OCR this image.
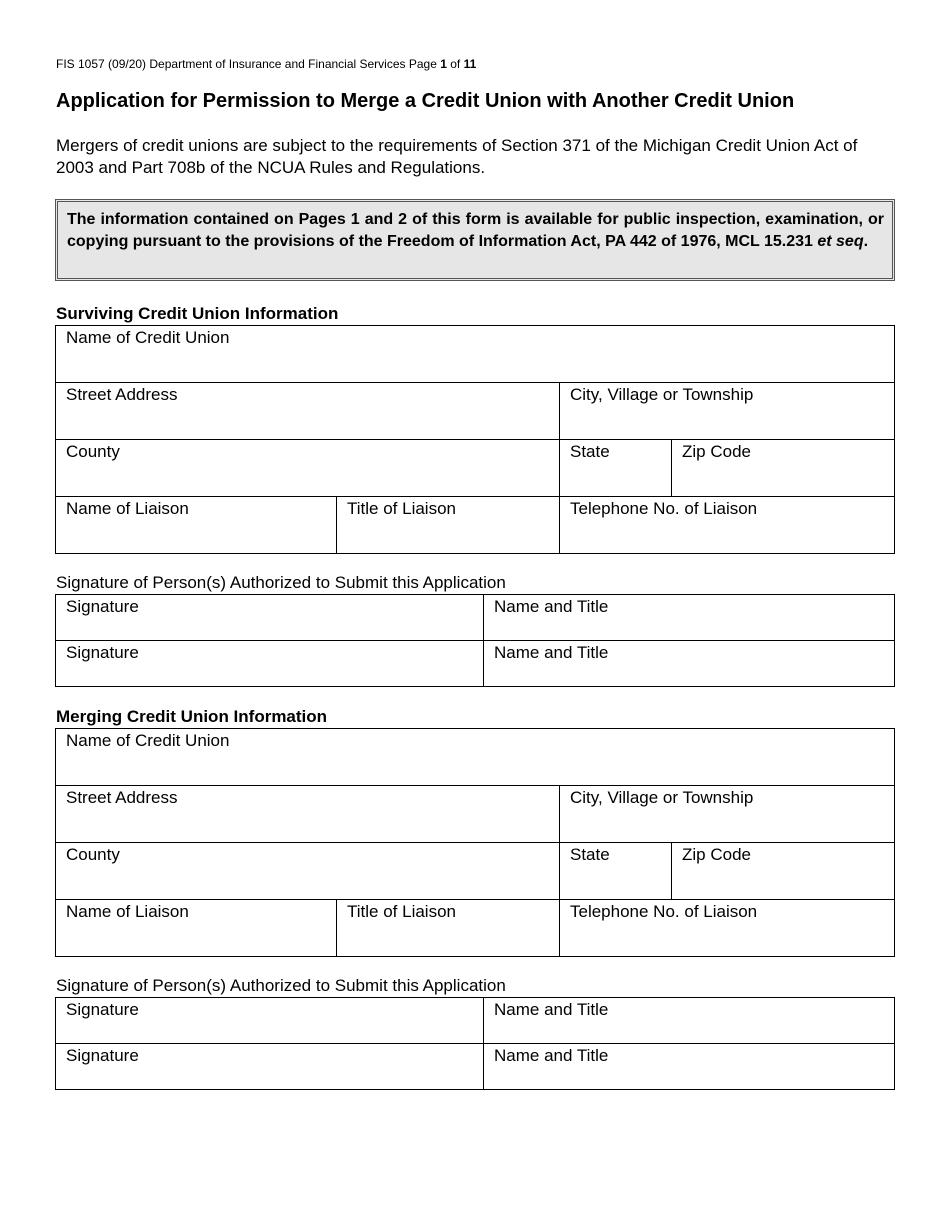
FIS 1057 (09/20) Department of Insurance and Financial Services Page 1 of 11
Application for Permission to Merge a Credit Union with Another Credit Union

Mergers of credit unions are subject to the requirements of Section 371 of the Michigan Credit Union Act of 2003 and Part 708b of the NCUA Rules and Regulations.

The information contained on Pages 1 and 2 of this form is available for public inspection, examination, or copying pursuant to the provisions of the Freedom of Information Act, PA 442 of 1976, MCL 15.231 et seq.
Surviving Credit Union Information
Name of Credit Union
Street Address	City, Village or Township
County	State	Zip Code
Name of Liaison	Title of Liaison	Telephone No. of Liaison
Signature of Person(s) Authorized to Submit this Application
Signature	Name and Title
Signature	Name and Title
Merging Credit Union Information
Name of Credit Union
Street Address	City, Village or Township
County	State	Zip Code
Name of Liaison	Title of Liaison	Telephone No. of Liaison
Signature of Person(s) Authorized to Submit this Application
Signature	Name and Title
Signature	Name and Title
